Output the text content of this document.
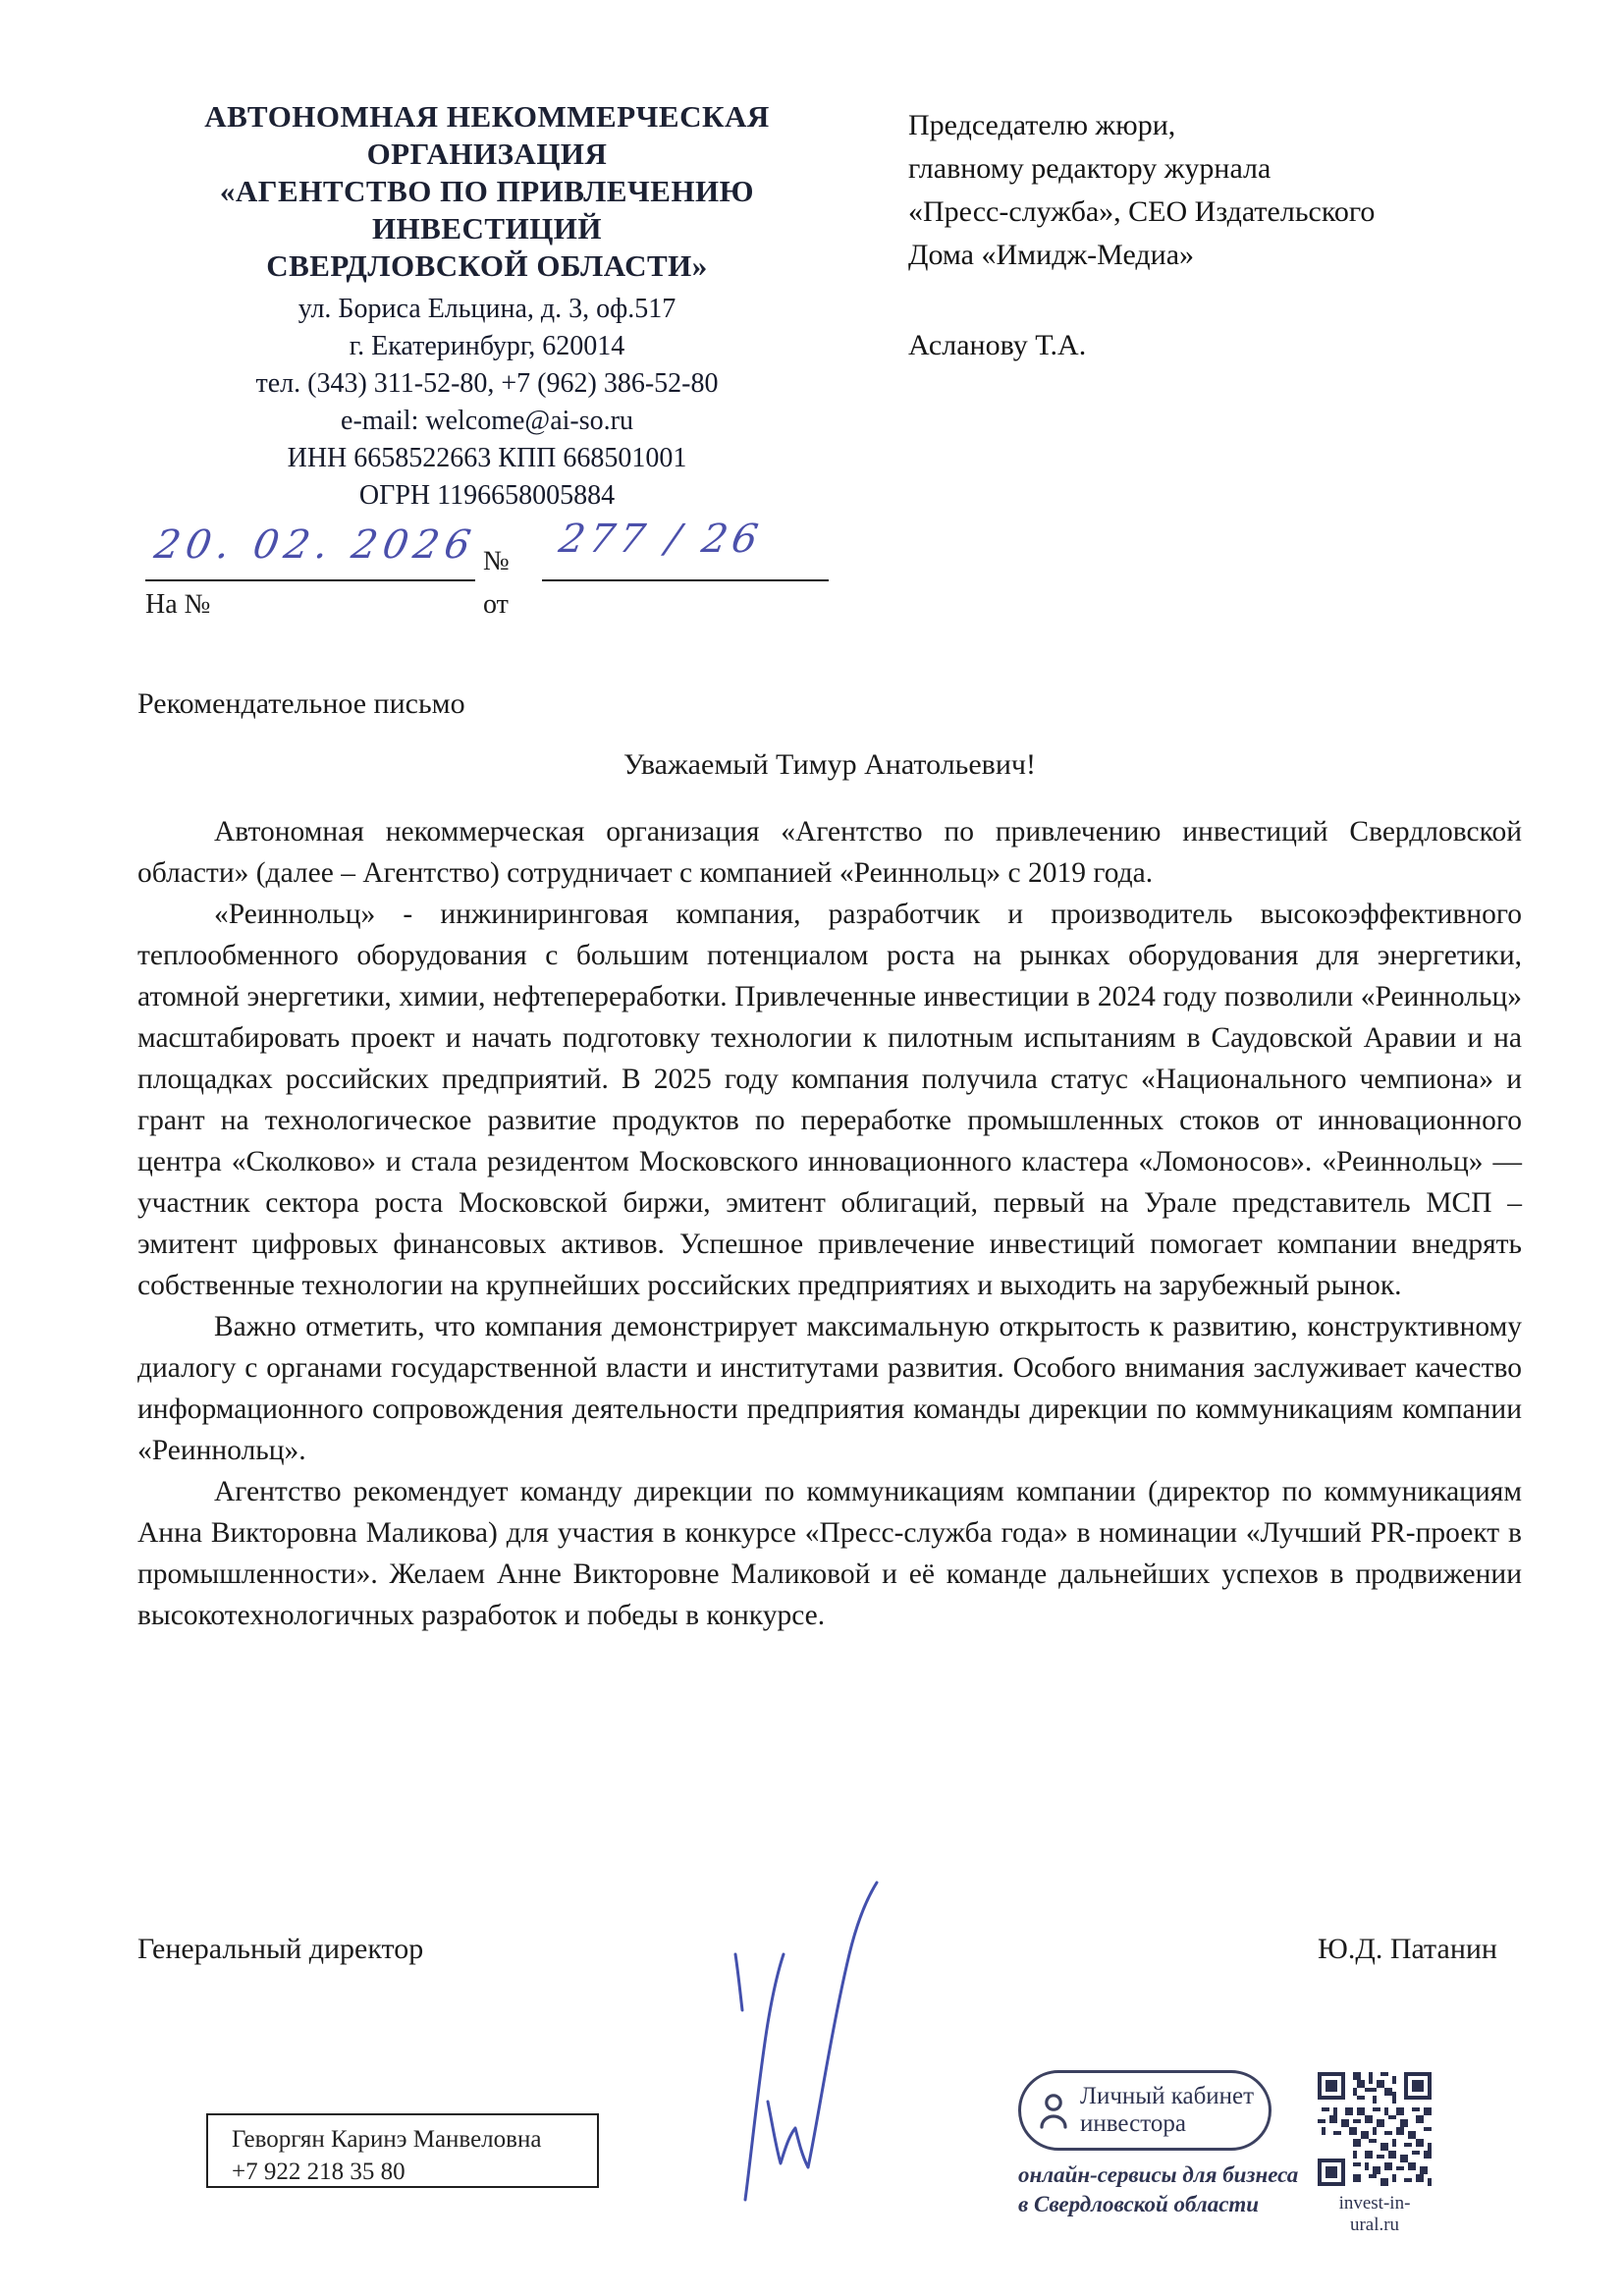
АВТОНОМНАЯ НЕКОММЕРЧЕСКАЯ
ОРГАНИЗАЦИЯ
«АГЕНТСТВО ПО ПРИВЛЕЧЕНИЮ
ИНВЕСТИЦИЙ
СВЕРДЛОВСКОЙ ОБЛАСТИ»
ул. Бориса Ельцина, д. 3, оф.517
г. Екатеринбург, 620014
тел. (343) 311-52-80, +7 (962) 386-52-80
e-mail: welcome@ai-so.ru
ИНН 6658522663 КПП 668501001
ОГРН 1196658005884
20. 02. 2026 № 277 / 26
На №	от
Председателю жюри,
главному редактору журнала
«Пресс-служба», CEO Издательского
Дома «Имидж-Медиа»
Асланову Т.А.
Рекомендательное письмо
Уважаемый Тимур Анатольевич!

Автономная некоммерческая организация «Агентство по привлечению инвестиций Свердловской области» (далее – Агентство) сотрудничает с компанией «Реиннольц» с 2019 года.

«Реиннольц» - инжиниринговая компания, разработчик и производитель высокоэффективного теплообменного оборудования с большим потенциалом роста на рынках оборудования для энергетики, атомной энергетики, химии, нефтепереработки. Привлеченные инвестиции в 2024 году позволили «Реиннольц» масштабировать проект и начать подготовку технологии к пилотным испытаниям в Саудовской Аравии и на площадках российских предприятий. В 2025 году компания получила статус «Национального чемпиона» и грант на технологическое развитие продуктов по переработке промышленных стоков от инновационного центра «Сколково» и стала резидентом Московского инновационного кластера «Ломоносов». «Реиннольц» — участник сектора роста Московской биржи, эмитент облигаций, первый на Урале представитель МСП – эмитент цифровых финансовых активов. Успешное привлечение инвестиций помогает компании внедрять собственные технологии на крупнейших российских предприятиях и выходить на зарубежный рынок.

Важно отметить, что компания демонстрирует максимальную открытость к развитию, конструктивному диалогу с органами государственной власти и институтами развития. Особого внимания заслуживает качество информационного сопровождения деятельности предприятия команды дирекции по коммуникациям компании «Реиннольц».

Агентство рекомендует команду дирекции по коммуникациям компании (директор по коммуникациям Анна Викторовна Маликова) для участия в конкурсе «Пресс-служба года» в номинации «Лучший PR-проект в промышленности». Желаем Анне Викторовне Маликовой и её команде дальнейших успехов в продвижении высокотехнологичных разработок и победы в конкурсе.

Генеральный директор	Ю.Д. Патанин
Геворгян Каринэ Манвеловна
+7 922 218 35 80
Личный кабинет
инвестора
онлайн-сервисы для бизнеса
в Свердловской области	invest-in-ural.ru
